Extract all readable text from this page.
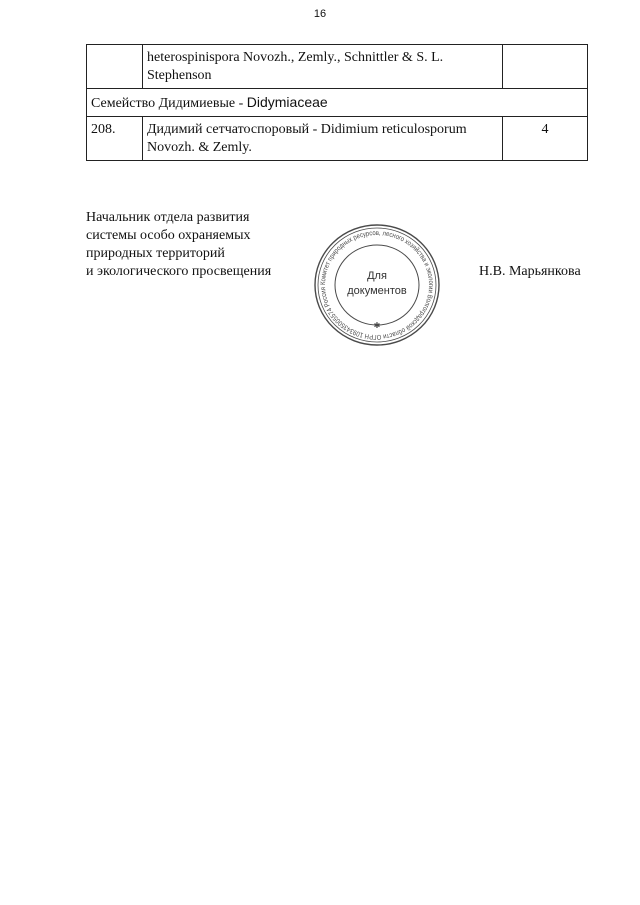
16
	heterospinispora Novozh., Zemly., Schnittler & S. L. Stephenson	
Семейство Дидимиевые - Didymiaceae		
208.	Дидимий сетчатоспоровый - Didimium reticulosporum Novozh. & Zemly.	4
Начальник отдела развития
системы особо охраняемых
природных территорий
и экологического просвещения
Комитет природных ресурсов, лесного хозяйства и экологии Волгоградской области ОГРН 1093435005574 Россия
Для
документов
✱
Н.В. Марьянкова
